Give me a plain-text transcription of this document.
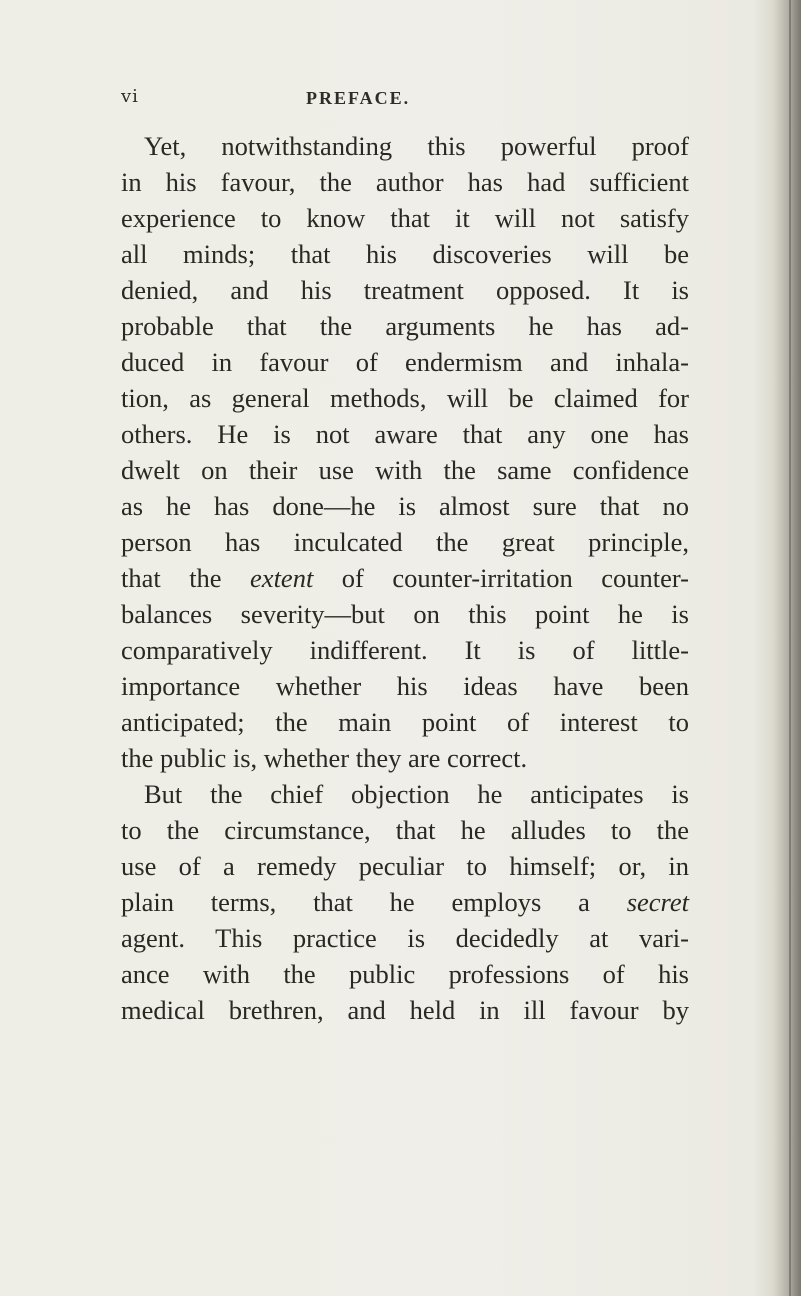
vi	PREFACE.
Yet, notwithstanding this powerful proof
in his favour, the author has had sufficient
experience to know that it will not satisfy
all minds; that his discoveries will be
denied, and his treatment opposed. It is
probable that the arguments he has ad-
duced in favour of endermism and inhala-
tion, as general methods, will be claimed for
others. He is not aware that any one has
dwelt on their use with the same confidence
as he has done—he is almost sure that no
person has inculcated the great principle,
that the extent of counter-irritation counter-
balances severity—but on this point he is
comparatively indifferent. It is of little-
importance whether his ideas have been
anticipated; the main point of interest to
the public is, whether they are correct.
But the chief objection he anticipates is
to the circumstance, that he alludes to the
use of a remedy peculiar to himself; or, in
plain terms, that he employs a secret
agent. This practice is decidedly at vari-
ance with the public professions of his
medical brethren, and held in ill favour by
